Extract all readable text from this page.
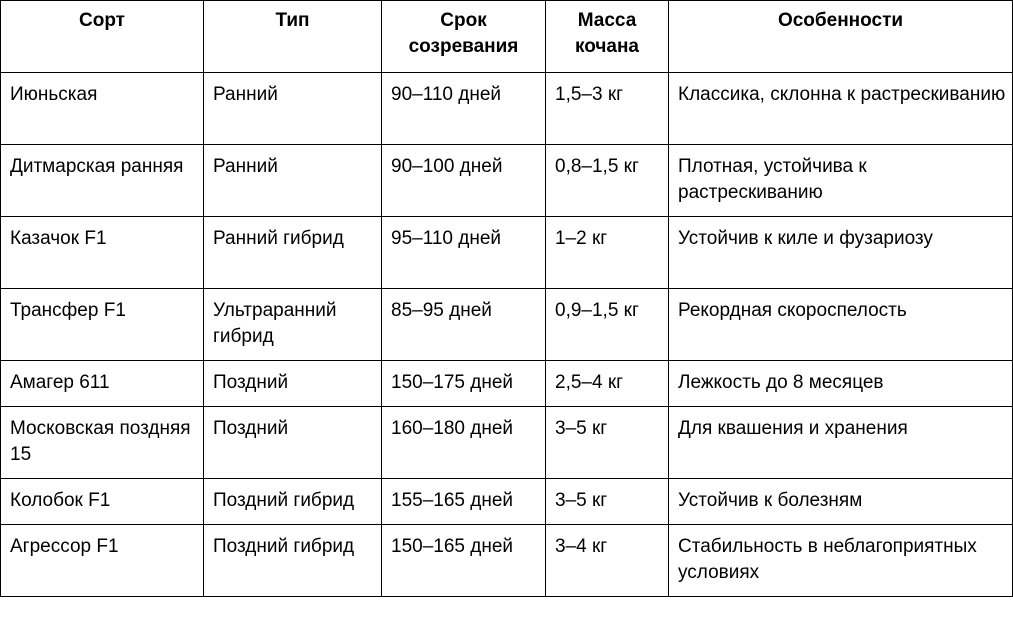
Сорт	Тип	Срок созревания	Масса кочана	Особенности
Июньская	Ранний	90–110 дней	1,5–3 кг	Классика, склонна к растрескиванию
Дитмарская ранняя	Ранний	90–100 дней	0,8–1,5 кг	Плотная, устойчива к растрескиванию
Казачок F1	Ранний гибрид	95–110 дней	1–2 кг	Устойчив к киле и фузариозу
Трансфер F1	Ультраранний гибрид	85–95 дней	0,9–1,5 кг	Рекордная скороспелость
Амагер 611	Поздний	150–175 дней	2,5–4 кг	Лежкость до 8 месяцев
Московская поздняя 15	Поздний	160–180 дней	3–5 кг	Для квашения и хранения
Колобок F1	Поздний гибрид	155–165 дней	3–5 кг	Устойчив к болезням
Агрессор F1	Поздний гибрид	150–165 дней	3–4 кг	Стабильность в неблагоприятных условиях
